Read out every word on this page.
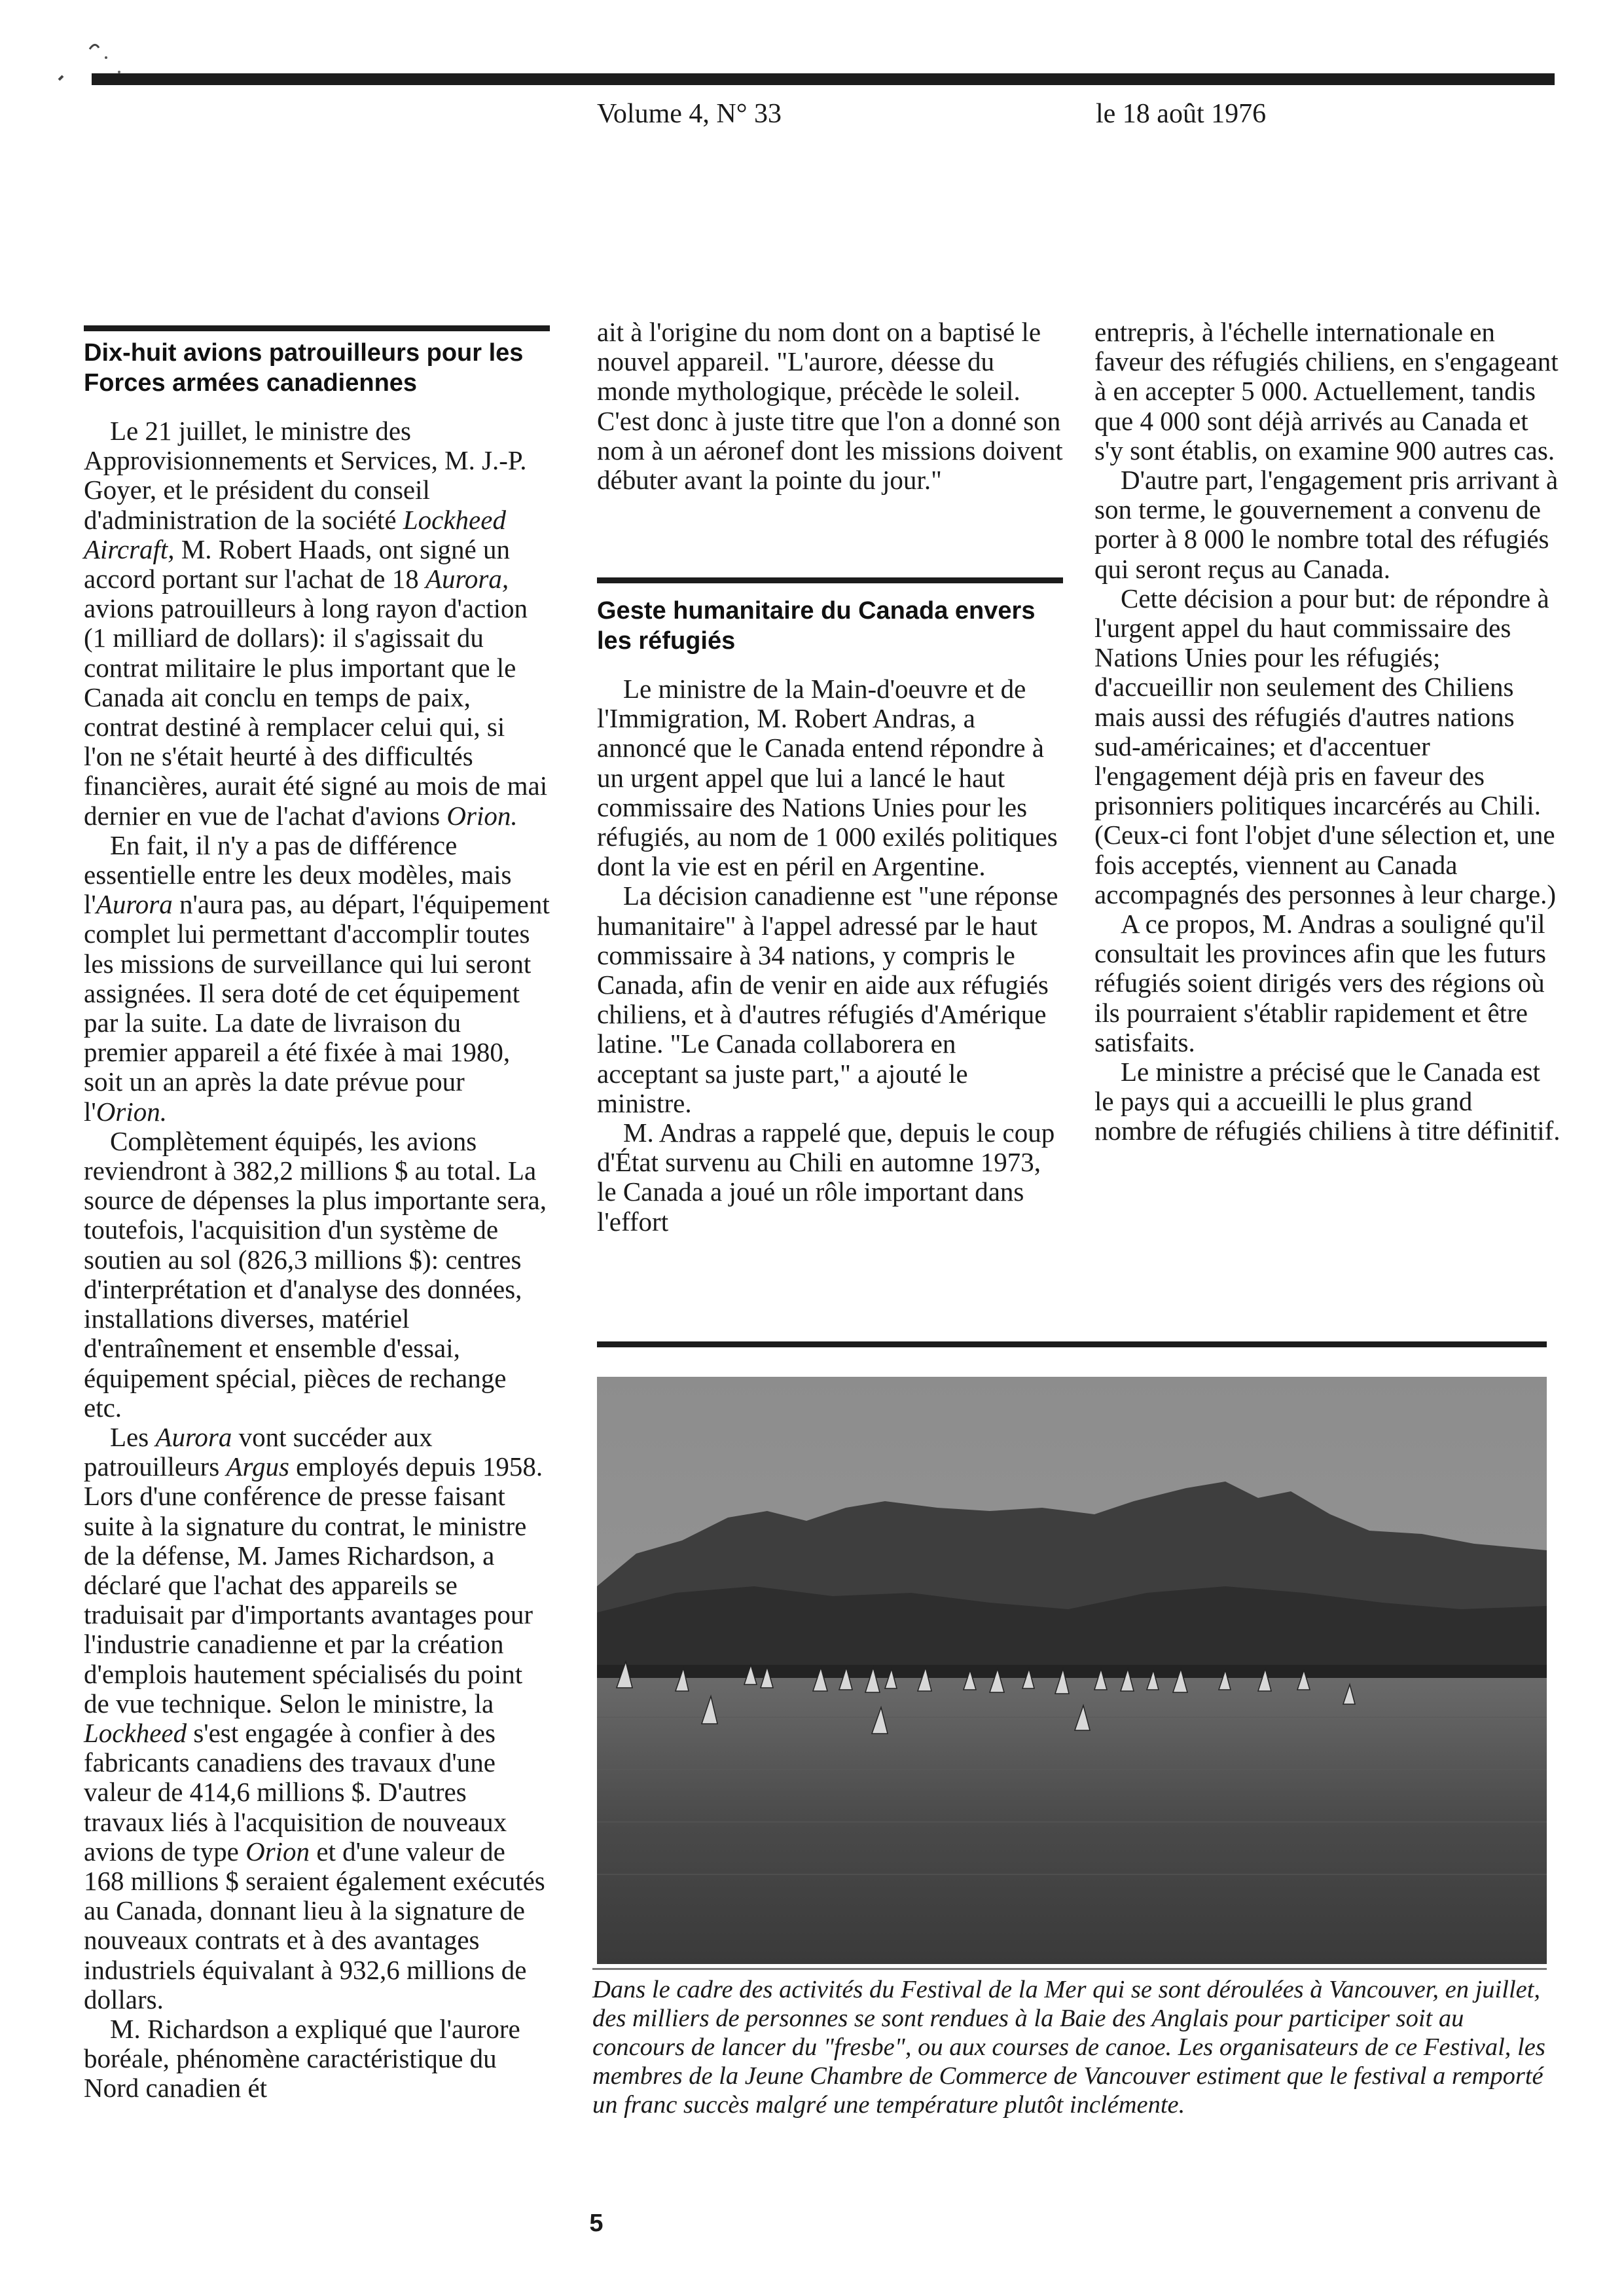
Volume 4, N° 33	le 18 août 1976
Dix-huit avions patrouilleurs pour les Forces armées canadiennes

Le 21 juillet, le ministre des Approvisionnements et Services, M. J.-P. Goyer, et le président du conseil d'administration de la société Lockheed Aircraft, M. Robert Haads, ont signé un accord portant sur l'achat de 18 Aurora, avions patrouilleurs à long rayon d'action (1 milliard de dollars): il s'agissait du contrat militaire le plus important que le Canada ait conclu en temps de paix, contrat destiné à remplacer celui qui, si l'on ne s'était heurté à des difficultés financières, aurait été signé au mois de mai dernier en vue de l'achat d'avions Orion.

En fait, il n'y a pas de différence essentielle entre les deux modèles, mais l'Aurora n'aura pas, au départ, l'équipement complet lui permettant d'accomplir toutes les missions de surveillance qui lui seront assignées. Il sera doté de cet équipement par la suite. La date de livraison du premier appareil a été fixée à mai 1980, soit un an après la date prévue pour l'Orion.

Complètement équipés, les avions reviendront à 382,2 millions $ au total. La source de dépenses la plus importante sera, toutefois, l'acquisition d'un système de soutien au sol (826,3 millions $): centres d'interprétation et d'analyse des données, installations diverses, matériel d'entraînement et ensemble d'essai, équipement spécial, pièces de rechange etc.

Les Aurora vont succéder aux patrouilleurs Argus employés depuis 1958. Lors d'une conférence de presse faisant suite à la signature du contrat, le ministre de la défense, M. James Richardson, a déclaré que l'achat des appareils se traduisait par d'importants avantages pour l'industrie canadienne et par la création d'emplois hautement spécialisés du point de vue technique. Selon le ministre, la Lockheed s'est engagée à confier à des fabricants canadiens des travaux d'une valeur de 414,6 millions $. D'autres travaux liés à l'acquisition de nouveaux avions de type Orion et d'une valeur de 168 millions $ seraient également exécutés au Canada, donnant lieu à la signature de nouveaux contrats et à des avantages industriels équivalant à 932,6 millions de dollars.

M. Richardson a expliqué que l'aurore boréale, phénomène caractéristique du Nord canadien ét

ait à l'origine du nom dont on a baptisé le nouvel appareil. "L'aurore, déesse du monde mythologique, précède le soleil. C'est donc à juste titre que l'on a donné son nom à un aéronef dont les missions doivent débuter avant la pointe du jour."

Geste humanitaire du Canada envers les réfugiés

Le ministre de la Main-d'oeuvre et de l'Immigration, M. Robert Andras, a annoncé que le Canada entend répondre à un urgent appel que lui a lancé le haut commissaire des Nations Unies pour les réfugiés, au nom de 1 000 exilés politiques dont la vie est en péril en Argentine.

La décision canadienne est "une réponse humanitaire" à l'appel adressé par le haut commissaire à 34 nations, y compris le Canada, afin de venir en aide aux réfugiés chiliens, et à d'autres réfugiés d'Amérique latine. "Le Canada collaborera en acceptant sa juste part," a ajouté le ministre.

M. Andras a rappelé que, depuis le coup d'État survenu au Chili en automne 1973, le Canada a joué un rôle important dans l'effort

entrepris, à l'échelle internationale en faveur des réfugiés chiliens, en s'engageant à en accepter 5 000. Actuellement, tandis que 4 000 sont déjà arrivés au Canada et s'y sont établis, on examine 900 autres cas.

D'autre part, l'engagement pris arrivant à son terme, le gouvernement a convenu de porter à 8 000 le nombre total des réfugiés qui seront reçus au Canada.

Cette décision a pour but: de répondre à l'urgent appel du haut commissaire des Nations Unies pour les réfugiés; d'accueillir non seulement des Chiliens mais aussi des réfugiés d'autres nations sud-américaines; et d'accentuer l'engagement déjà pris en faveur des prisonniers politiques incarcérés au Chili. (Ceux-ci font l'objet d'une sélection et, une fois acceptés, viennent au Canada accompagnés des personnes à leur charge.)

A ce propos, M. Andras a souligné qu'il consultait les provinces afin que les futurs réfugiés soient dirigés vers des régions où ils pourraient s'établir rapidement et être satisfaits.

Le ministre a précisé que le Canada est le pays qui a accueilli le plus grand nombre de réfugiés chiliens à titre définitif.

Dans le cadre des activités du Festival de la Mer qui se sont déroulées à Vancouver, en juillet, des milliers de personnes se sont rendues à la Baie des Anglais pour participer soit au concours de lancer du "fresbe", ou aux courses de canoe. Les organisateurs de ce Festival, les membres de la Jeune Chambre de Commerce de Vancouver estiment que le festival a remporté un franc succès malgré une température plutôt inclémente.
5
